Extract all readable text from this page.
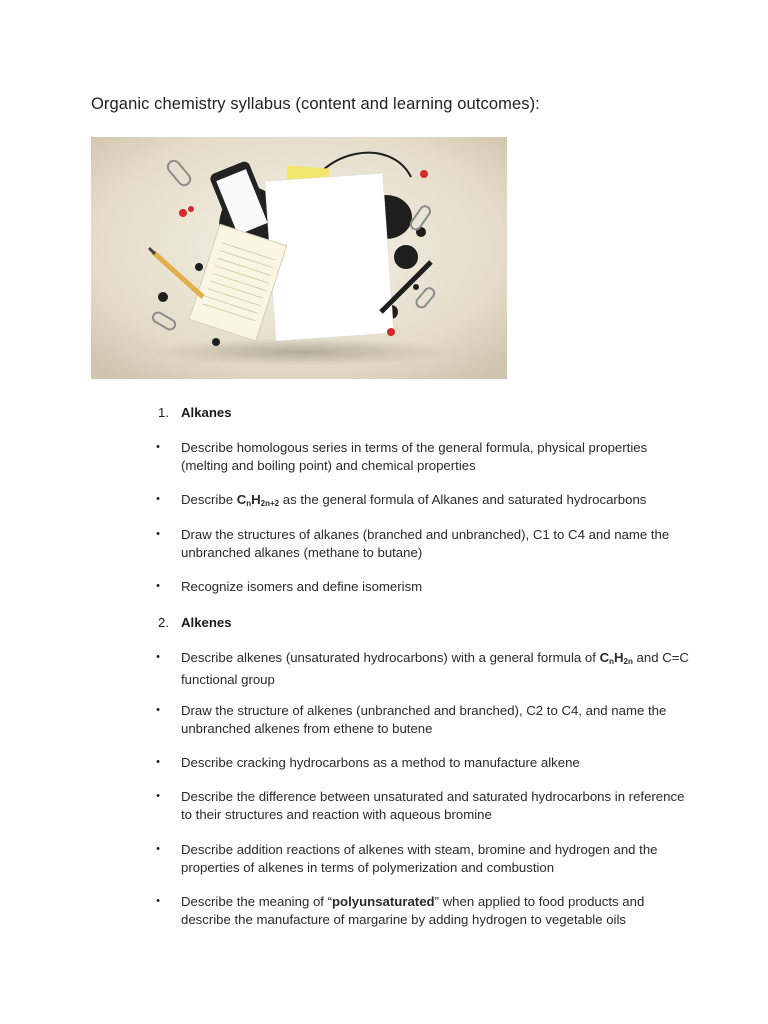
Organic chemistry syllabus (content and learning outcomes):
1. Alkanes
•	Describe homologous series in terms of the general formula, physical properties (melting and boiling point) and chemical properties
•	Describe $C_nH_{2n+2}$ as the general formula of Alkanes and saturated hydrocarbons
•	Draw the structures of alkanes (branched and unbranched), C1 to C4 and name the unbranched alkanes (methane to butane)
•	Recognize isomers and define isomerism
2. Alkenes
•	Describe alkenes (unsaturated hydrocarbons) with a general formula of $C_nH_{2n}$ and C=C functional group
•	Draw the structure of alkenes (unbranched and branched), C2 to C4, and name the unbranched alkenes from ethene to butene
•	Describe cracking hydrocarbons as a method to manufacture alkene
•	Describe the difference between unsaturated and saturated hydrocarbons in reference to their structures and reaction with aqueous bromine
•	Describe addition reactions of alkenes with steam, bromine and hydrogen and the properties of alkenes in terms of polymerization and combustion
•	Describe the meaning of “polyunsaturated” when applied to food products and describe the manufacture of margarine by adding hydrogen to vegetable oils
